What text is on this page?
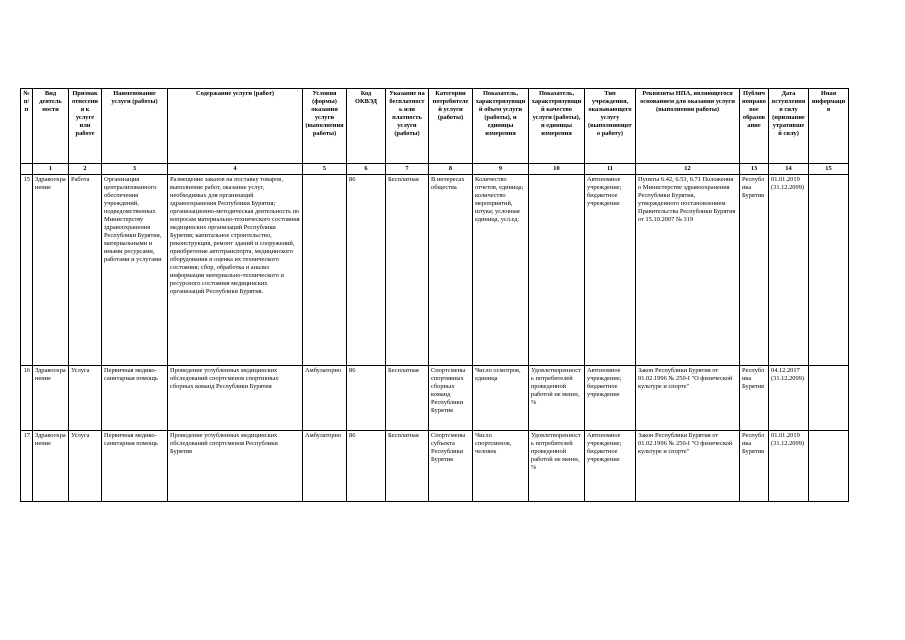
№ п/п	Вид деятель ности	Признак отнесения к услуге или работе	Наименование услуги (работы)	Содержание услуги (работ)	Условия (формы) оказания услуги (выполнения работы)	Код ОКВЭД	Указание на бесплатность или платность услуги (работы)	Категории потребителей услуги (работы)	Показатель, характеризующий объем услуги (работы), и единицы измерения	Показатель, характеризующий качество услуги (работы), и единицы измерения	Тип учреждения, оказывающего услугу (выполняющего работу)	Реквизиты НПА, являющегося основанием для оказания услуги (выполнения работы)	Публичноправовое образование	Дата вступления в силу (признание утратившей силу)	Иная информация
	1	2	3	4	5	6	7	8	9	10	11	12	13	14	15
15	Здравоохранение	Работа	Организация централизованного обеспечения учреждений, подведомственных Министерству здравоохранения Республики Бурятия, материальными и иными ресурсами, работами и услугами	Размещение заказов на поставку товаров, выполнение работ, оказание услуг, необходимых для организаций здравоохранения Республики Бурятия; организационно-методическая деятельность по вопросам материально-технического состояния медицинских организаций Республики Бурятия; капитальное строительство, реконструкция, ремонт зданий и сооружений, приобретение автотранспорта, медицинского оборудования и оценка их технического состояния; сбор, обработка и анализ информации материально-технического и ресурсного состояния медицинских организаций Республики Бурятия.		86	Бесплатная	В интересах общества	Количество отчетов, единица; количество мероприятий, штука; условная единица, усл.ед.		Автономное учреждение; бюджетное учреждение	Пункты 6.42, 6.53, 6.71 Положения о Министерстве здравоохранения Республики Бурятия, утвержденного постановлением Правительства Республики Бурятия от 15.10.2007 № 319	Республика Бурятия	01.01.2019 (31.12.2099)	
16	Здравоохранение	Услуга	Первичная медико-санитарная помощь	Проведение углубленных медицинских обследований спортсменов спортивных сборных команд Республики Бурятия	Амбулаторно	86	Бесплатная	Спортсмены спортивных сборных команд Республики Бурятия	Число осмотров, единица	Удовлетворенность потребителей проведенной работой не менее, %	Автономное учреждение; бюджетное учреждение	Закон Республики Бурятия от 01.02.1996 № 250-I "О физической культуре и спорте"	Республика Бурятия	04.12.2017 (31.12.2099)	
17	Здравоохранение	Услуга	Первичная медико-санитарная помощь	Проведение углубленных медицинских обследований спортсменов Республики Бурятия	Амбулаторно	86	Бесплатная	Спортсмены субъекта Республики Бурятия	Число спортсменов, человек	Удовлетворенность потребителей проведенной работой не менее, %	Автономное учреждение; бюджетное учреждение	Закон Республики Бурятия от 01.02.1996 № 250-I "О физической культуре и спорте"	Республика Бурятия	01.01.2019 (31.12.2099)	
